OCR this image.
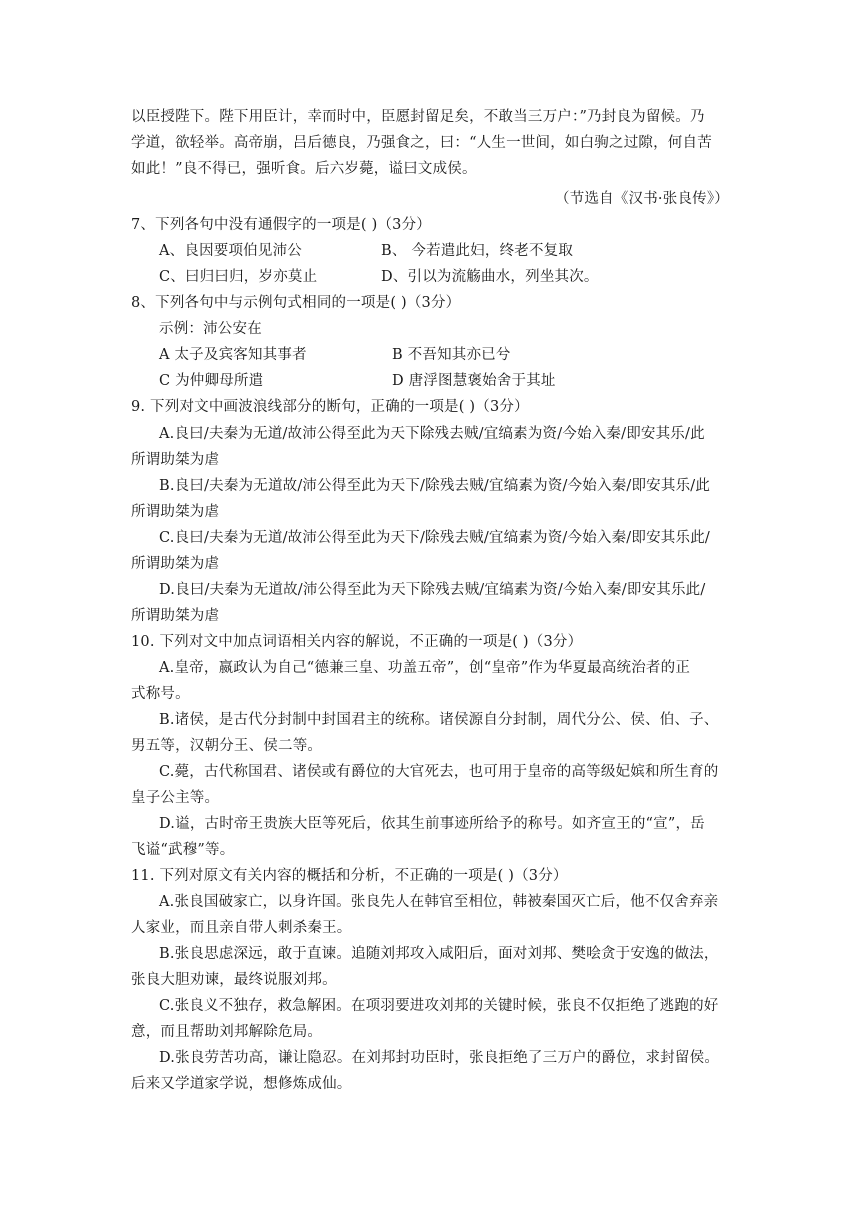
以臣授陛下。陛下用臣计，幸而时中，臣愿封留足矣，不敢当三万户：”乃封良为留候。乃
学道，欲轻举。高帝崩，吕后德良，乃强食之，曰：“人生一世间，如白驹之过隙，何自苦
如此！”良不得已，强听食。后六岁薨，谥曰文成侯。
（节选自《汉书·张良传》）
7、下列各句中没有通假字的一项是( )（3分）
A、良因要项伯见沛公	B、 今若遣此妇，终老不复取
C、曰归曰归，岁亦莫止	D、引以为流觞曲水，列坐其次。
8、下列各句中与示例句式相同的一项是( )（3分）
示例：沛公安在
A 太子及宾客知其事者	B 不吾知其亦已兮
C 为仲卿母所遣	D 唐浮图慧褒始舍于其址
9. 下列对文中画波浪线部分的断句，正确的一项是( )（3分）
A.良曰/夫秦为无道/故沛公得至此为天下除残去贼/宜缟素为资/今始入秦/即安其乐/此
所谓助桀为虐
B.良曰/夫秦为无道故/沛公得至此为天下/除残去贼/宜缟素为资/今始入秦/即安其乐/此
所谓助桀为虐
C.良曰/夫秦为无道/故沛公得至此为天下/除残去贼/宜缟素为资/今始入秦/即安其乐此/
所谓助桀为虐
D.良曰/夫秦为无道故/沛公得至此为天下除残去贼/宜缟素为资/今始入秦/即安其乐此/
所谓助桀为虐
10. 下列对文中加点词语相关内容的解说，不正确的一项是( )（3分）
A.皇帝，嬴政认为自己“德兼三皇、功盖五帝”，创“皇帝”作为华夏最高统治者的正
式称号。
B.诸侯，是古代分封制中封国君主的统称。诸侯源自分封制，周代分公、侯、伯、子、
男五等，汉朝分王、侯二等。
C.薨，古代称国君、诸侯或有爵位的大官死去，也可用于皇帝的高等级妃嫔和所生育的
皇子公主等。
D.谥，古时帝王贵族大臣等死后，依其生前事迹所给予的称号。如齐宣王的“宣”，岳
飞谥“武穆”等。
11. 下列对原文有关内容的概括和分析，不正确的一项是( )（3分）
A.张良国破家亡，以身许国。张良先人在韩官至相位，韩被秦国灭亡后，他不仅舍弃亲
人家业，而且亲自带人刺杀秦王。
B.张良思虑深远，敢于直谏。追随刘邦攻入咸阳后，面对刘邦、樊哙贪于安逸的做法，
张良大胆劝谏，最终说服刘邦。
C.张良义不独存，救急解困。在项羽要进攻刘邦的关键时候，张良不仅拒绝了逃跑的好
意，而且帮助刘邦解除危局。
D.张良劳苦功高，谦让隐忍。在刘邦封功臣时，张良拒绝了三万户的爵位，求封留侯。
后来又学道家学说，想修炼成仙。
